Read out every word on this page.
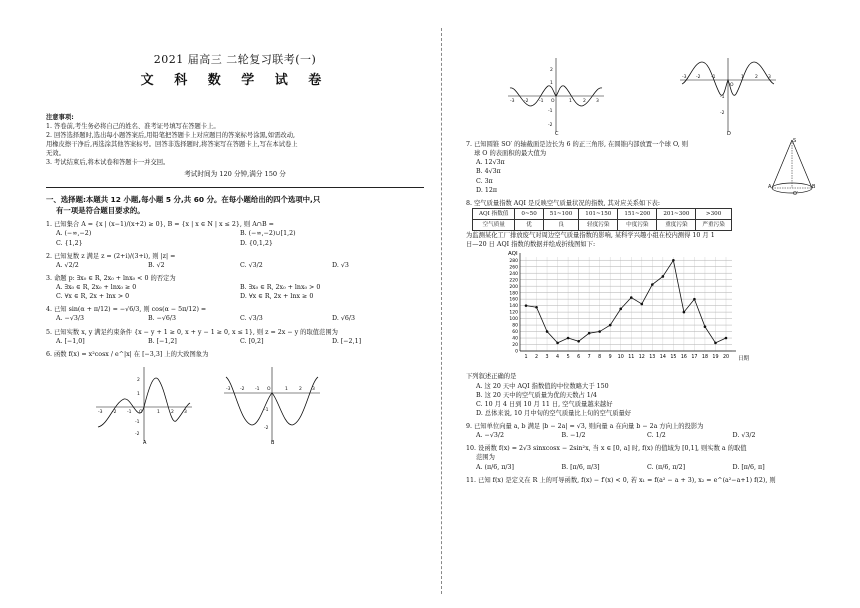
2021 届高三 二轮复习联考(一)
文 科 数 学 试 卷
注意事项:

1. 答卷前,考生务必将自己的姓名、准考证号填写在答题卡上。

2. 回答选择题时,选出每小题答案后,用铅笔把答题卡上对应题目的答案标号涂黑,如需改动,

用橡皮擦干净后,再选涂其他答案标号。回答非选择题时,将答案写在答题卡上,写在本试卷上

无效。

3. 考试结束后,将本试卷和答题卡一并交回。

考试时间为 120 分钟,满分 150 分
一、选择题:本题共 12 小题,每小题 5 分,共 60 分。在每小题给出的四个选项中,只
有一项是符合题目要求的。
1. 已知集合 A = {x | (x−1)/(x+2) ≥ 0}, B = {x | x ∈ N | x ≤ 2}, 则 A∩B =
A. (−∞,−2)	B. (−∞,−2)∪[1,2)
C. {1,2}	D. {0,1,2}
2. 已知复数 z 满足 z = (2+i)/(3+i), 则 |z| =
A. √2/2	B. √2	C. √3/2	D. √3
3. 命题 p: ∃x₀ ∈ R, 2x₀ + lnx₀ < 0 的否定为
A. ∃x₀ ∈ R, 2x₀ + lnx₀ ≥ 0	B. ∃x₀ ∈ R, 2x₀ + lnx₀ > 0
C. ∀x ∈ R, 2x + lnx > 0	D. ∀x ∈ R, 2x + lnx ≥ 0
4. 已知 sin(α + π/12) = −√6/3, 则 cos(α − 5π/12) =
A. −√3/3	B. −√6/3	C. √3/3	D. √6/3
5. 已知实数 x, y 满足约束条件 {x − y + 1 ≥ 0, x + y − 1 ≥ 0, x ≤ 1}, 则 z = 2x − y 的取值范围为
A. [−1,0]	B. [−1,2]	C. [0,2]	D. [−2,1]
6. 函数 f(x) = x²cosx / e^|x| 在 [−3,3] 上的大致图象为
-3 -2 -1 O	1 2 3
2
1
-1
-2
A
-3 -2 -1 O	1 2 3
-1
-2
B
-3 -2 -1 O	1 2 3
2
1
-1
-2
C
-3 -2 -1
O
1 2 3
-1
-2
D
7. 已知圆锥 SO′ 的轴截面是边长为 6 的正三角形, 在圆锥内部放置一个球 O, 则
球 O 的表面积的最大值为
A. 12√3π
B. 4√3π
C. 3π
D. 12π
S
A	B
O′
8. 空气质量指数 AQI 是反映空气质量状况的指数, 其对应关系如下表:
AQI 指数值	0~50	51~100	101~150	151~200	201~300	>300
空气质量	优	良	轻度污染	中度污染	重度污染	严重污染
为监测某化工厂排放废气对周边空气质量指数的影响, 某科学兴趣小组在校内测得 10 月 1
日—20 日 AQI 指数的数据并绘成折线图如下:
0
20
40
60
80
100
120
140
160
180
200
220
240
260
280
1 2 3 4 5 6 7 8 9 10 11 12 13 14 15 16 17 18 19 20
AQI
日期
下列叙述正确的是
A. 这 20 天中 AQI 指数值的中位数略大于 150
B. 这 20 天中的空气质量为优的天数占 1/4
C. 10 月 4 日到 10 月 11 日, 空气质量越来越好
D. 总体来说, 10 月中旬的空气质量比上旬的空气质量好
9. 已知单位向量 a, b 满足 |b − 2a| = √3, 则向量 a 在向量 b − 2a 方向上的投影为
A. −√3/2	B. −1/2	C. 1/2	D. √3/2
10. 设函数 f(x) = 2√3 sinxcosx − 2sin²x, 当 x ∈ [0, a] 时, f(x) 的值域为 [0,1], 则实数 a 的取值
范围为
A. (π/6, π/3]	B. [π/6, π/3]	C. (π/6, π/2]	D. [π/6, π]
11. 已知 f(x) 是定义在 R 上的可导函数, f(x) − f′(x) < 0, 若 x₁ = f(a² − a + 3), x₂ = e^(a²−a+1) f(2), 则
